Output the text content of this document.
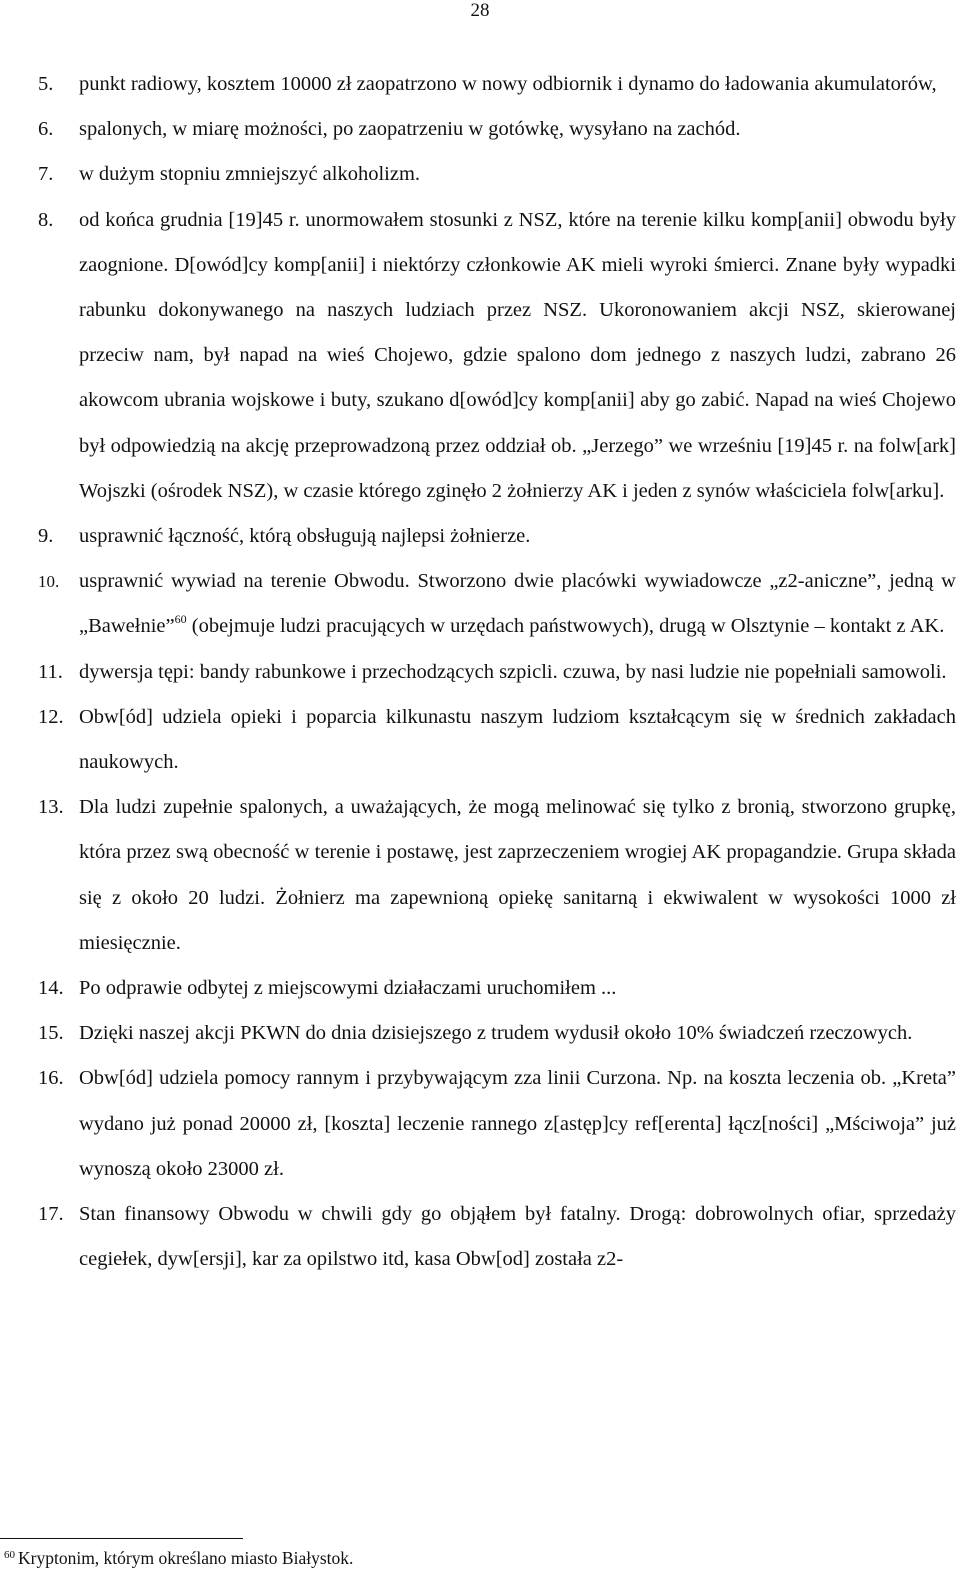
28
5.	punkt radiowy, kosztem 10000 zł zaopatrzono w nowy odbiornik i dynamo do ładowania akumulatorów,
6.	spalonych, w miarę możności, po zaopatrzeniu w gotówkę, wysyłano na zachód.
7.	w dużym stopniu zmniejszyć alkoholizm.
8.	od końca grudnia [19]45 r. unormowałem stosunki z NSZ, które na terenie kilku komp[anii] obwodu były zaognione. D[owód]cy komp[anii] i niektórzy członkowie AK mieli wyroki śmierci. Znane były wypadki rabunku dokonywanego na naszych ludziach przez NSZ. Ukoronowaniem akcji NSZ, skierowanej przeciw nam, był napad na wieś Chojewo, gdzie spalono dom jednego z naszych ludzi, zabrano 26 akowcom ubrania wojskowe i buty, szukano d[owód]cy komp[anii] aby go zabić. Napad na wieś Chojewo był odpowiedzią na akcję przeprowadzoną przez oddział ob. „Jerzego” we wrześniu [19]45 r. na folw[ark] Wojszki (ośrodek NSZ), w czasie którego zginęło 2 żołnierzy AK i jeden z synów właściciela folw[arku].
9.	usprawnić łączność, którą obsługują najlepsi żołnierze.
10. usprawnić wywiad na terenie Obwodu. Stworzono dwie placówki wywiadowcze „z2-aniczne”, jedną w „Bawełnie”$^{60}$ (obejmuje ludzi pracujących w urzędach państwowych), drugą w Olsztynie – kontakt z AK.
11. dywersja tępi: bandy rabunkowe i przechodzących szpicli. czuwa, by nasi ludzie nie popełniali samowoli.
12. Obw[ód] udziela opieki i poparcia kilkunastu naszym ludziom kształcącym się w średnich zakładach naukowych.
13. Dla ludzi zupełnie spalonych, a uważających, że mogą melinować się tylko z bronią, stworzono grupkę, która przez swą obecność w terenie i postawę, jest zaprzeczeniem wrogiej AK propagandzie. Grupa składa się z około 20 ludzi. Żołnierz ma zapewnioną opiekę sanitarną i ekwiwalent w wysokości 1000 zł miesięcznie.
14. Po odprawie odbytej z miejscowymi działaczami uruchomiłem ...
15. Dzięki naszej akcji PKWN do dnia dzisiejszego z trudem wydusił około 10% świadczeń rzeczowych.
16. Obw[ód] udziela pomocy rannym i przybywającym zza linii Curzona. Np. na koszta leczenia ob. „Kreta” wydano już ponad 20000 zł, [koszta] leczenie rannego z[astęp]cy ref[erenta] łącz[ności] „Mściwoja” już wynoszą około 23000 zł.
17. Stan finansowy Obwodu w chwili gdy go objąłem był fatalny. Drogą: dobrowolnych ofiar, sprzedaży cegiełek, dyw[ersji], kar za opilstwo itd, kasa Obw[od] została z2-
$^{60}$ Kryptonim, którym określano miasto Białystok.
